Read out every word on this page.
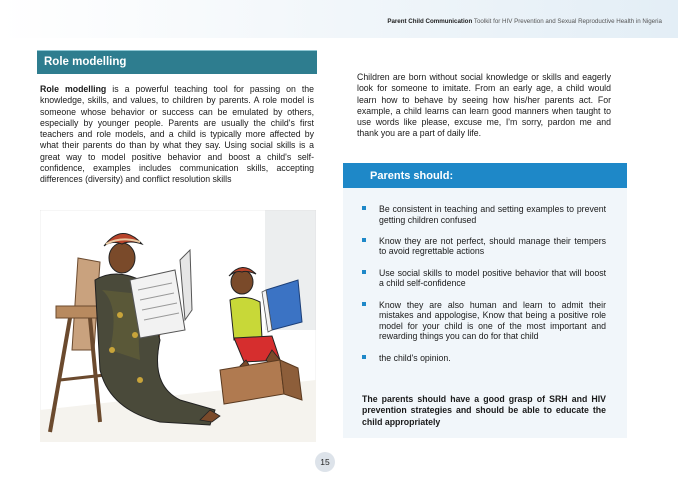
Parent Child Communication Toolkit for HIV Prevention and Sexual Reproductive Health in Nigeria
Role modelling
Role modelling is a powerful teaching tool for passing on the knowledge, skills, and values, to children by parents. A role model is someone whose behavior or success can be emulated by others, especially by younger people. Parents are usually the child's first teachers and role models, and a child is typically more affected by what their parents do than by what they say. Using social skills is a great way to model positive behavior and boost a child's self-confidence, examples includes communication skills, accepting differences (diversity) and conflict resolution skills
Children are born without social knowledge or skills and eagerly look for someone to imitate. From an early age, a child would learn how to behave by seeing how his/her parents act. For example, a child learns can learn good manners when taught to use words like please, excuse me, I'm sorry, pardon me and thank you are a part of daily life.
Parents should:
Be consistent in teaching and setting examples to prevent getting children confused
Know they are not perfect, should manage their tempers to avoid regrettable actions
Use social skills to model positive behavior that will boost a child self-confidence
Know they are also human and learn to admit their mistakes and appologise, Know that being a positive role model for your child is one of the most important and rewarding things you can do for that child
the child's opinion.
The parents should have a good grasp of SRH and HIV prevention strategies and should be able to educate the child appropriately
15
